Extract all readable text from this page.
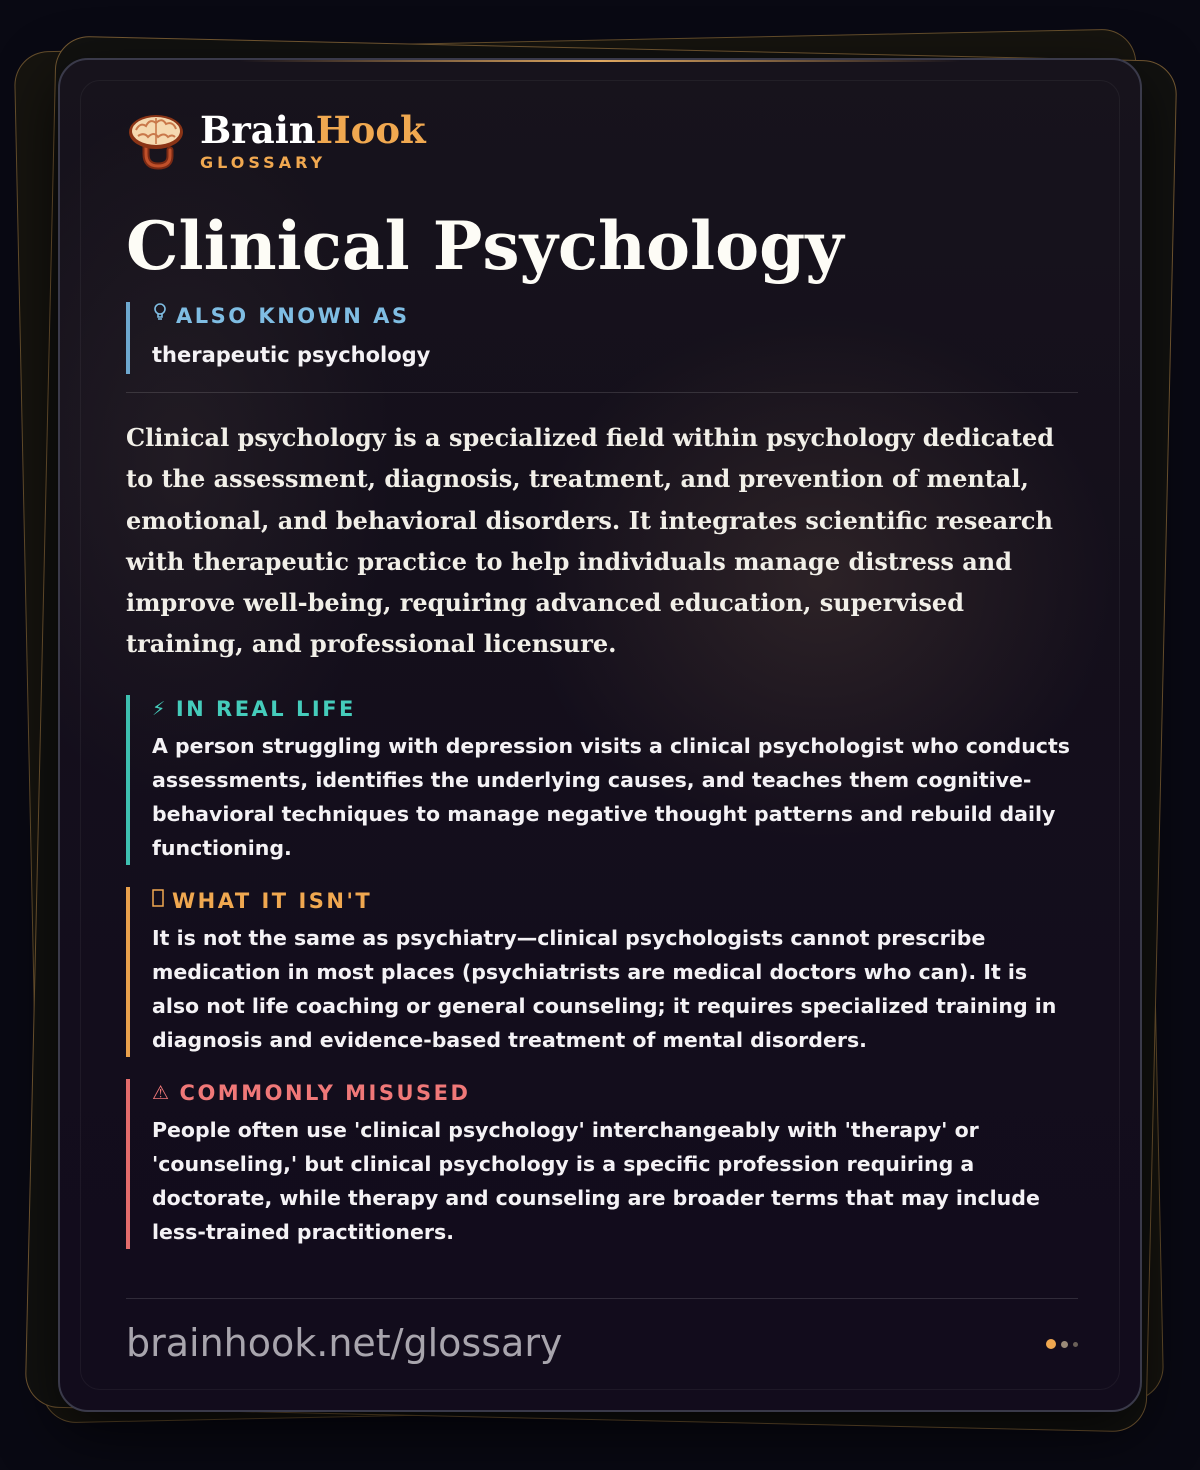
BrainHook
GLOSSARY
Clinical Psychology
ALSO KNOWN AS
therapeutic psychology
Clinical psychology is a specialized field within psychology dedicated to the assessment, diagnosis, treatment, and prevention of mental, emotional, and behavioral disorders. It integrates scientific research with therapeutic practice to help individuals manage distress and improve well-being, requiring advanced education, supervised training, and professional licensure.
⚡ IN REAL LIFE
A person struggling with depression visits a clinical psychologist who conducts assessments, identifies the underlying causes, and teaches them cognitive-behavioral techniques to manage negative thought patterns and rebuild daily functioning.
WHAT IT ISN'T
It is not the same as psychiatry—clinical psychologists cannot prescribe medication in most places (psychiatrists are medical doctors who can). It is also not life coaching or general counseling; it requires specialized training in diagnosis and evidence-based treatment of mental disorders.
⚠ COMMONLY MISUSED
People often use 'clinical psychology' interchangeably with 'therapy' or 'counseling,' but clinical psychology is a specific profession requiring a doctorate, while therapy and counseling are broader terms that may include less-trained practitioners.
brainhook.net/glossary
